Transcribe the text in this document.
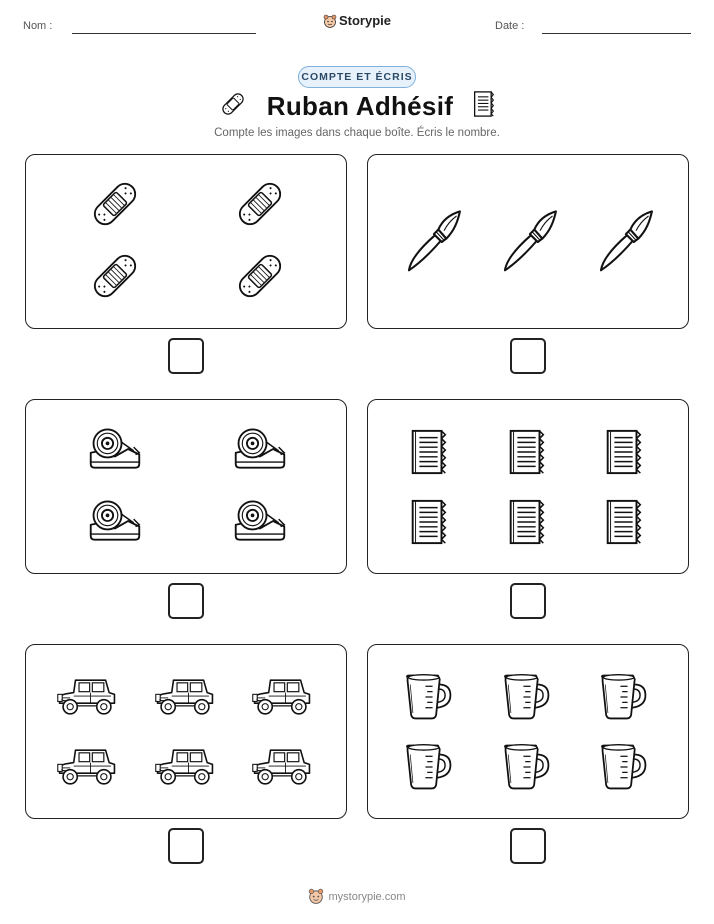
Nom :	Storypie	Date :
COMPTE ET ÉCRIS
Ruban Adhésif
Compte les images dans chaque boîte. Écris le nombre.
mystorypie.com
